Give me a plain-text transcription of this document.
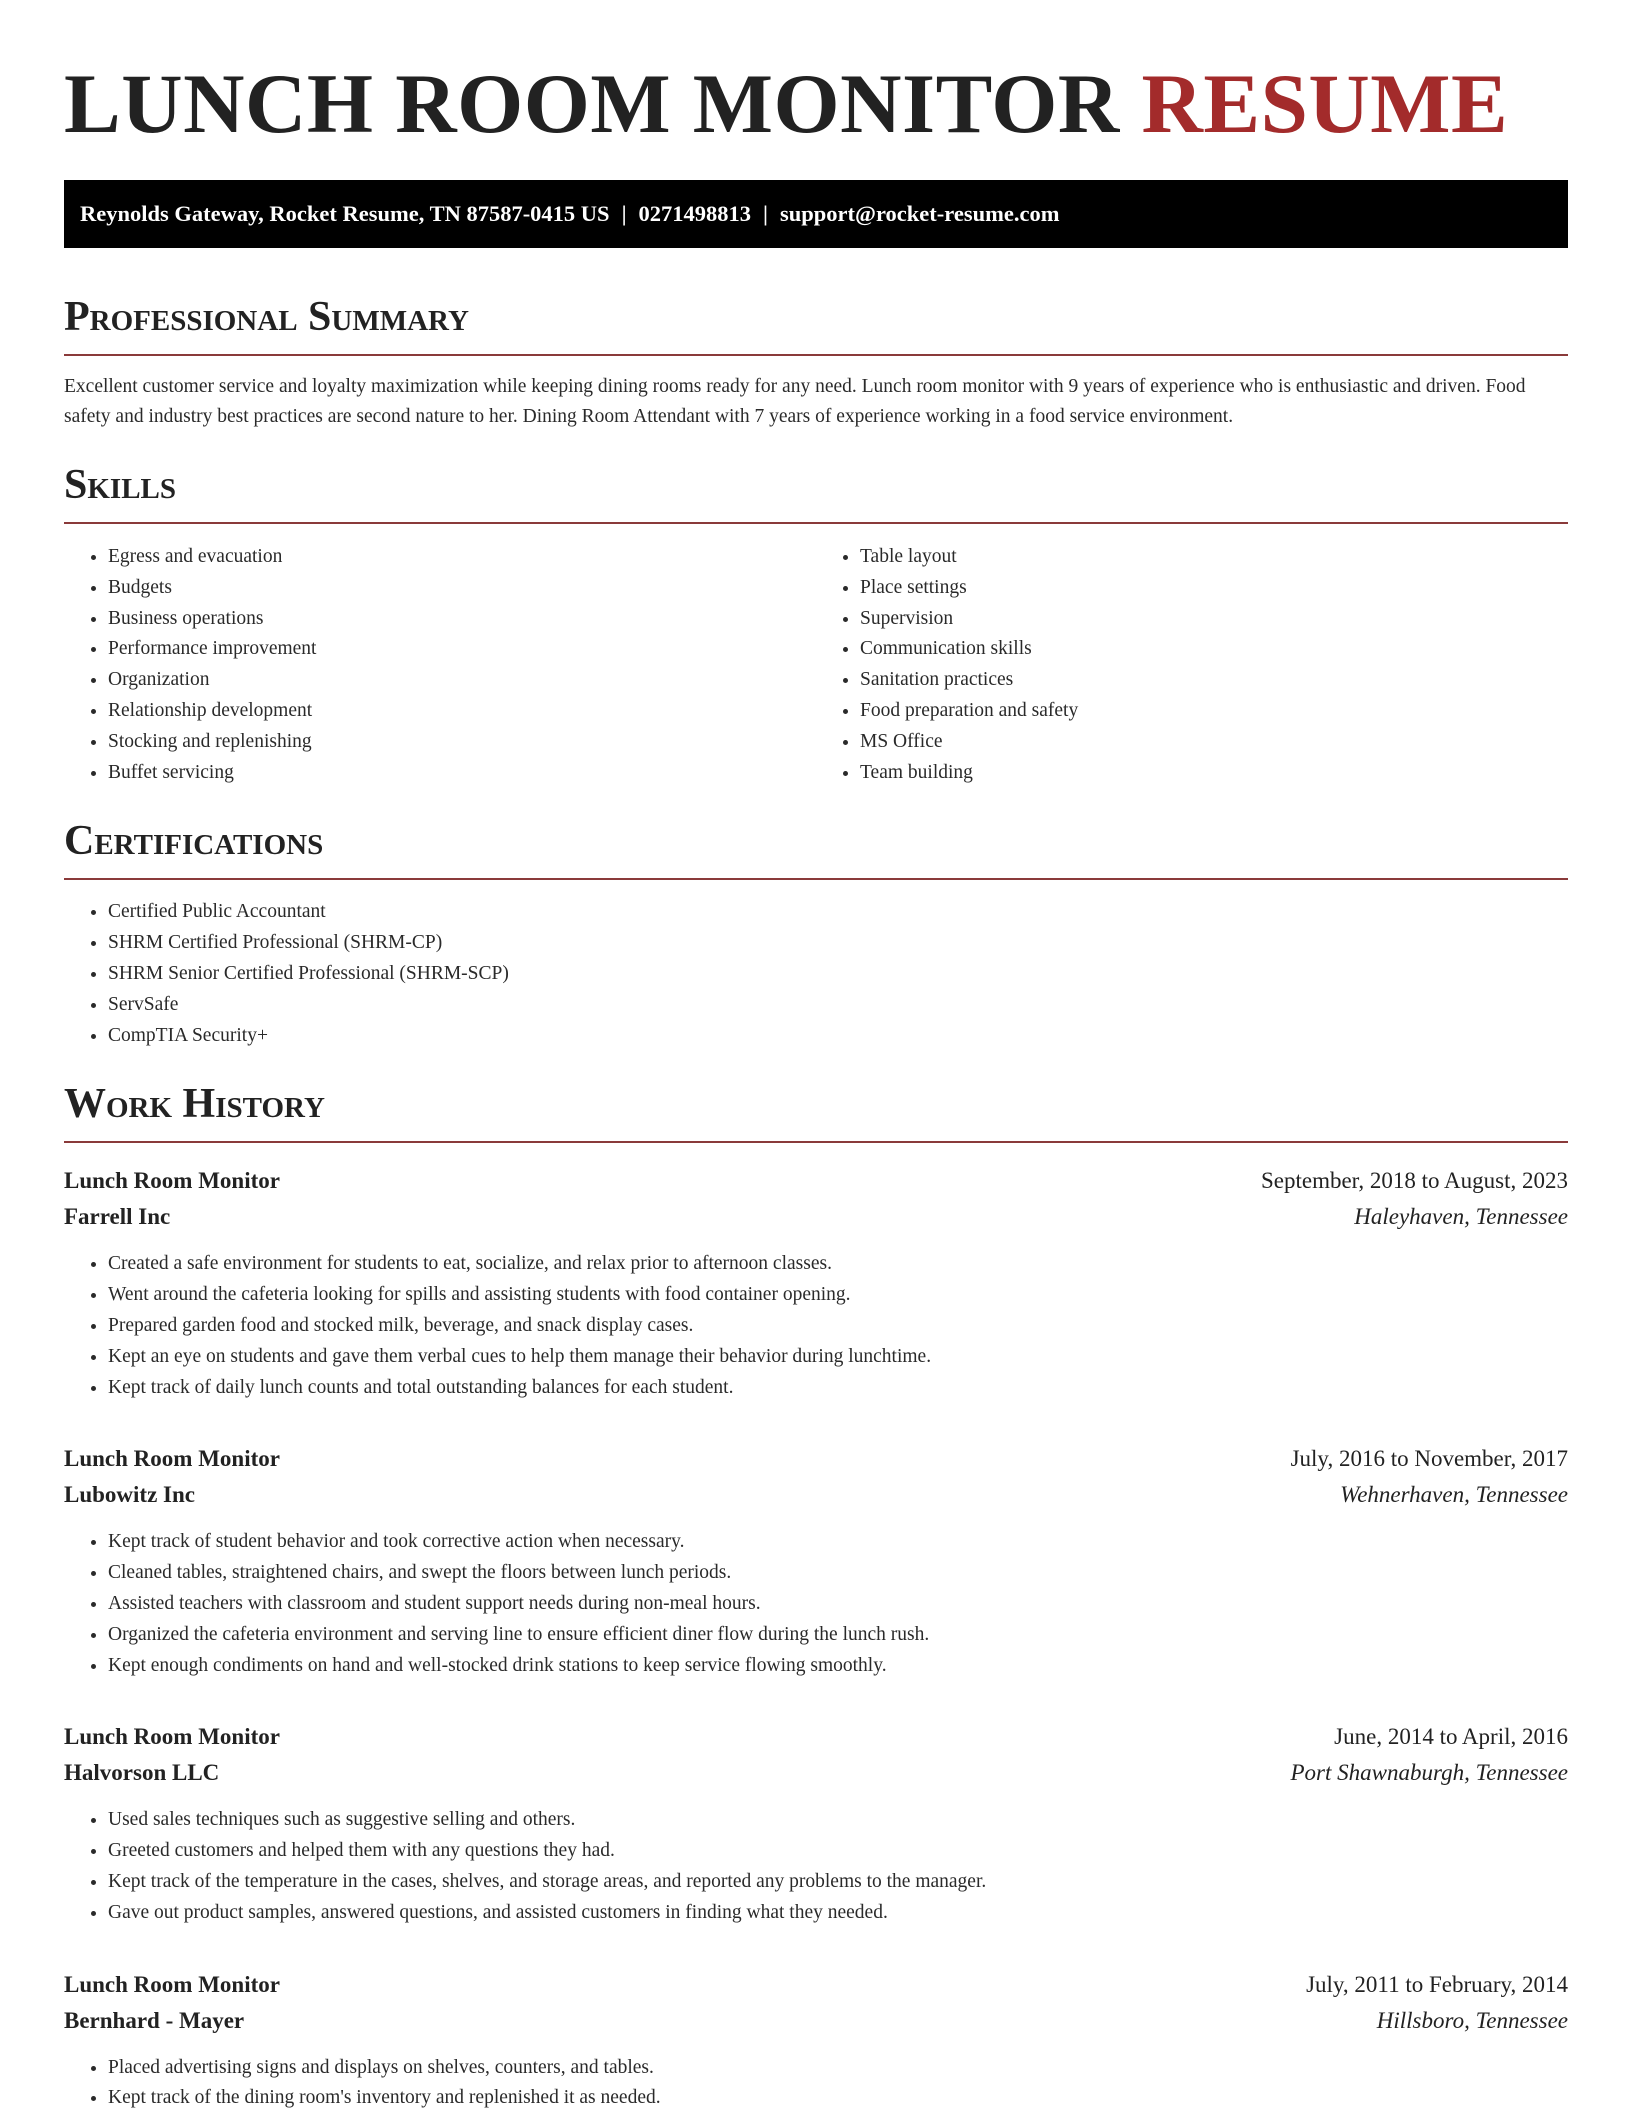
LUNCH ROOM MONITOR RESUME
Reynolds Gateway, Rocket Resume, TN 87587-0415 US | 0271498813 | support@rocket-resume.com
Professional Summary

Excellent customer service and loyalty maximization while keeping dining rooms ready for any need. Lunch room monitor with 9 years of experience who is enthusiastic and driven. Food safety and industry best practices are second nature to her. Dining Room Attendant with 7 years of experience working in a food service environment.

Skills
• Egress and evacuation
• Budgets
• Business operations
• Performance improvement
• Organization
• Relationship development
• Stocking and replenishing
• Buffet servicing
• Table layout
• Place settings
• Supervision
• Communication skills
• Sanitation practices
• Food preparation and safety
• MS Office
• Team building
Certifications
• Certified Public Accountant
• SHRM Certified Professional (SHRM-CP)
• SHRM Senior Certified Professional (SHRM-SCP)
• ServSafe
• CompTIA Security+
Work History
Lunch Room Monitor	September, 2018 to August, 2023
Farrell Inc	Haleyhaven, Tennessee
• Created a safe environment for students to eat, socialize, and relax prior to afternoon classes.
• Went around the cafeteria looking for spills and assisting students with food container opening.
• Prepared garden food and stocked milk, beverage, and snack display cases.
• Kept an eye on students and gave them verbal cues to help them manage their behavior during lunchtime.
• Kept track of daily lunch counts and total outstanding balances for each student.
Lunch Room Monitor	July, 2016 to November, 2017
Lubowitz Inc	Wehnerhaven, Tennessee
• Kept track of student behavior and took corrective action when necessary.
• Cleaned tables, straightened chairs, and swept the floors between lunch periods.
• Assisted teachers with classroom and student support needs during non-meal hours.
• Organized the cafeteria environment and serving line to ensure efficient diner flow during the lunch rush.
• Kept enough condiments on hand and well-stocked drink stations to keep service flowing smoothly.
Lunch Room Monitor	June, 2014 to April, 2016
Halvorson LLC	Port Shawnaburgh, Tennessee
• Used sales techniques such as suggestive selling and others.
• Greeted customers and helped them with any questions they had.
• Kept track of the temperature in the cases, shelves, and storage areas, and reported any problems to the manager.
• Gave out product samples, answered questions, and assisted customers in finding what they needed.
Lunch Room Monitor	July, 2011 to February, 2014
Bernhard - Mayer	Hillsboro, Tennessee
• Placed advertising signs and displays on shelves, counters, and tables.
• Kept track of the dining room's inventory and replenished it as needed.
